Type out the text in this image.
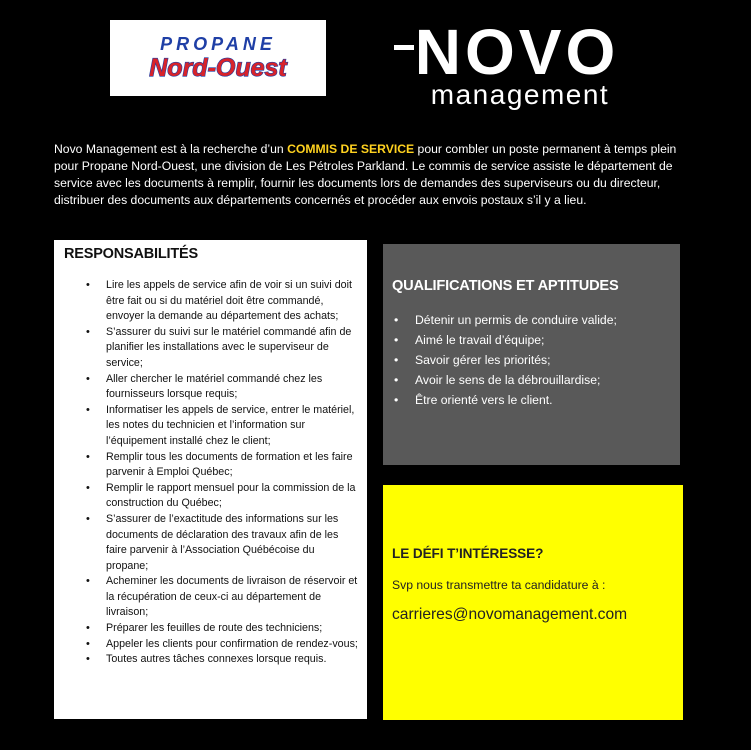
PROPANE
Nord-Ouest NOVO
management

Novo Management est à la recherche d’un COMMIS DE SERVICE pour combler un poste permanent à temps plein pour Propane Nord-Ouest, une division de Les Pétroles Parkland. Le commis de service assiste le département de service avec les documents à remplir, fournir les documents lors de demandes des superviseurs ou du directeur, distribuer des documents aux départements concernés et procéder aux envois postaux s’il y a lieu.

RESPONSABILITÉS
• Lire les appels de service afin de voir si un suivi doit être fait ou si du matériel doit être commandé, envoyer la demande au département des achats;
• S’assurer du suivi sur le matériel commandé afin de planifier les installations avec le superviseur de service;
• Aller chercher le matériel commandé chez les fournisseurs lorsque requis;
• Informatiser les appels de service, entrer le matériel, les notes du technicien et l’information sur l’équipement installé chez le client;
• Remplir tous les documents de formation et les faire parvenir à Emploi Québec;
• Remplir le rapport mensuel pour la commission de la construction du Québec;
• S’assurer de l’exactitude des informations sur les documents de déclaration des travaux afin de les faire parvenir à l’Association Québécoise du propane;
• Acheminer les documents de livraison de réservoir et la récupération de ceux-ci au département de livraison;
• Préparer les feuilles de route des techniciens;
• Appeler les clients pour confirmation de rendez-vous;
• Toutes autres tâches connexes lorsque requis.
QUALIFICATIONS ET APTITUDES
• Détenir un permis de conduire valide;
• Aimé le travail d’équipe;
• Savoir gérer les priorités;
• Avoir le sens de la débrouillardise;
• Être orienté vers le client.
LE DÉFI T’INTÉRESSE?
Svp nous transmettre ta candidature à :
carrieres@novomanagement.com
